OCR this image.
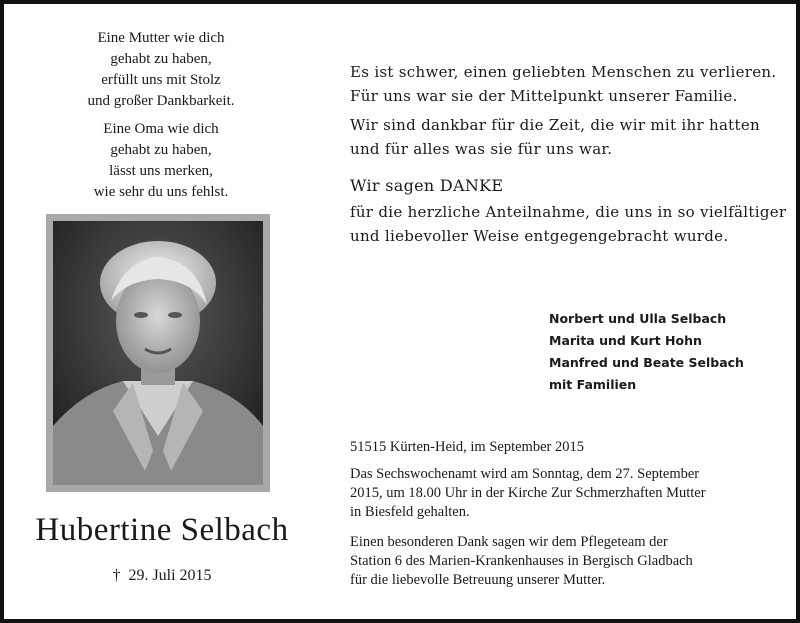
Eine Mutter wie dich
gehabt zu haben,
erfüllt uns mit Stolz
und großer Dankbarkeit.
Eine Oma wie dich
gehabt zu haben,
lässt uns merken,
wie sehr du uns fehlst.
Hubertine Selbach
† 29. Juli 2015
Es ist schwer, einen geliebten Menschen zu verlieren.
Für uns war sie der Mittelpunkt unserer Familie.
Wir sind dankbar für die Zeit, die wir mit ihr hatten
und für alles was sie für uns war.
Wir sagen DANKE
für die herzliche Anteilnahme, die uns in so vielfältiger
und liebevoller Weise entgegengebracht wurde.
Norbert und Ulla Selbach
Marita und Kurt Hohn
Manfred und Beate Selbach
mit Familien
51515 Kürten-Heid, im September 2015
Das Sechswochenamt wird am Sonntag, dem 27. September
2015, um 18.00 Uhr in der Kirche Zur Schmerzhaften Mutter
in Biesfeld gehalten.
Einen besonderen Dank sagen wir dem Pflegeteam der
Station 6 des Marien-Krankenhauses in Bergisch Gladbach
für die liebevolle Betreuung unserer Mutter.
